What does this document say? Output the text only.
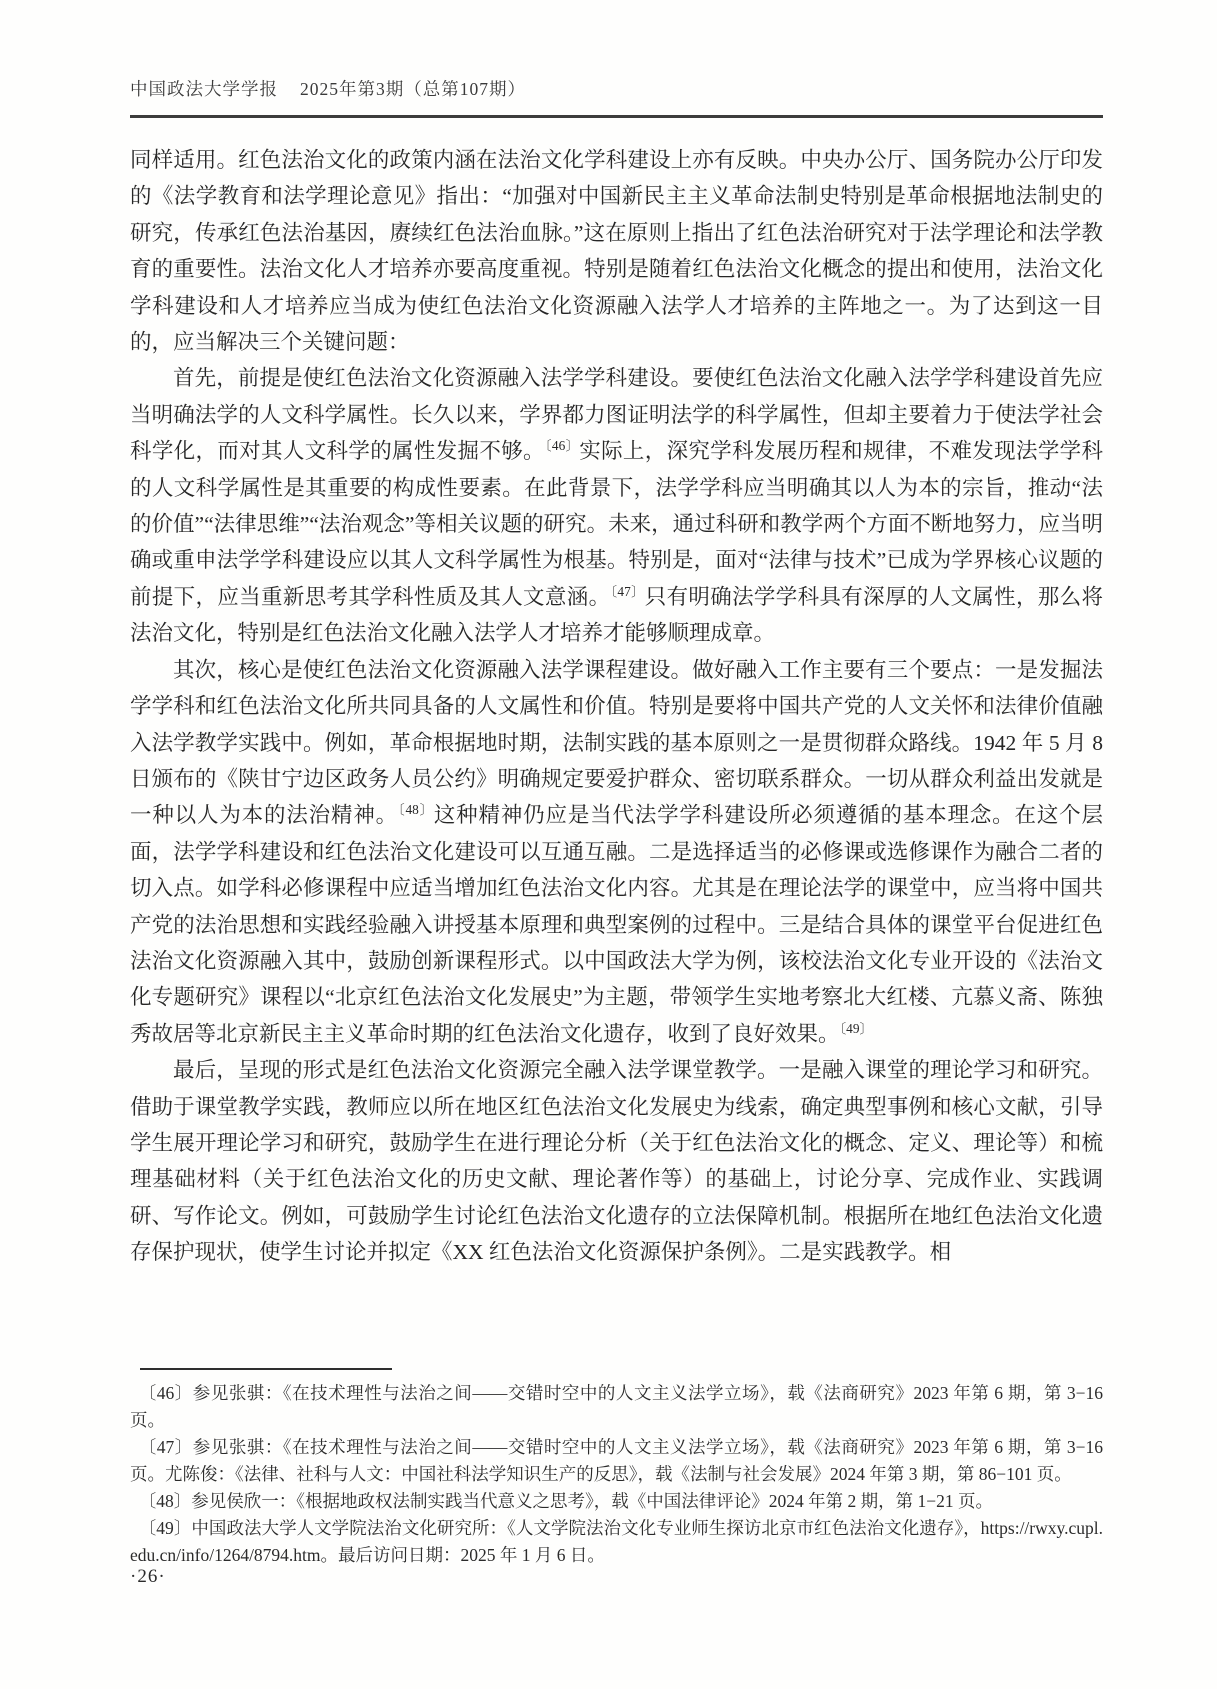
中国政法大学学报 2025年第3期（总第107期）

同样适用。红色法治文化的政策内涵在法治文化学科建设上亦有反映。中央办公厅、国务院办公厅印发的《法学教育和法学理论意见》指出：“加强对中国新民主主义革命法制史特别是革命根据地法制史的研究，传承红色法治基因，赓续红色法治血脉。”这在原则上指出了红色法治研究对于法学理论和法学教育的重要性。法治文化人才培养亦要高度重视。特别是随着红色法治文化概念的提出和使用，法治文化学科建设和人才培养应当成为使红色法治文化资源融入法学人才培养的主阵地之一。为了达到这一目的，应当解决三个关键问题：

首先，前提是使红色法治文化资源融入法学学科建设。要使红色法治文化融入法学学科建设首先应当明确法学的人文科学属性。长久以来，学界都力图证明法学的科学属性，但却主要着力于使法学社会科学化，而对其人文科学的属性发掘不够。$^{〔46〕}$实际上，深究学科发展历程和规律，不难发现法学学科的人文科学属性是其重要的构成性要素。在此背景下，法学学科应当明确其以人为本的宗旨，推动“法的价值”“法律思维”“法治观念”等相关议题的研究。未来，通过科研和教学两个方面不断地努力，应当明确或重申法学学科建设应以其人文科学属性为根基。特别是，面对“法律与技术”已成为学界核心议题的前提下，应当重新思考其学科性质及其人文意涵。$^{〔47〕}$只有明确法学学科具有深厚的人文属性，那么将法治文化，特别是红色法治文化融入法学人才培养才能够顺理成章。

其次，核心是使红色法治文化资源融入法学课程建设。做好融入工作主要有三个要点：一是发掘法学学科和红色法治文化所共同具备的人文属性和价值。特别是要将中国共产党的人文关怀和法律价值融入法学教学实践中。例如，革命根据地时期，法制实践的基本原则之一是贯彻群众路线。1942 年 5 月 8 日颁布的《陕甘宁边区政务人员公约》明确规定要爱护群众、密切联系群众。一切从群众利益出发就是一种以人为本的法治精神。$^{〔48〕}$这种精神仍应是当代法学学科建设所必须遵循的基本理念。在这个层面，法学学科建设和红色法治文化建设可以互通互融。二是选择适当的必修课或选修课作为融合二者的切入点。如学科必修课程中应适当增加红色法治文化内容。尤其是在理论法学的课堂中，应当将中国共产党的法治思想和实践经验融入讲授基本原理和典型案例的过程中。三是结合具体的课堂平台促进红色法治文化资源融入其中，鼓励创新课程形式。以中国政法大学为例，该校法治文化专业开设的《法治文化专题研究》课程以“北京红色法治文化发展史”为主题，带领学生实地考察北大红楼、亢慕义斋、陈独秀故居等北京新民主主义革命时期的红色法治文化遗存，收到了良好效果。$^{〔49〕}$

最后，呈现的形式是红色法治文化资源完全融入法学课堂教学。一是融入课堂的理论学习和研究。借助于课堂教学实践，教师应以所在地区红色法治文化发展史为线索，确定典型事例和核心文献，引导学生展开理论学习和研究，鼓励学生在进行理论分析（关于红色法治文化的概念、定义、理论等）和梳理基础材料（关于红色法治文化的历史文献、理论著作等）的基础上，讨论分享、完成作业、实践调研、写作论文。例如，可鼓励学生讨论红色法治文化遗存的立法保障机制。根据所在地红色法治文化遗存保护现状，使学生讨论并拟定《XX 红色法治文化资源保护条例》。二是实践教学。相

〔46〕参见张骐：《在技术理性与法治之间——交错时空中的人文主义法学立场》，载《法商研究》2023 年第 6 期，第 3−16 页。

〔47〕参见张骐：《在技术理性与法治之间——交错时空中的人文主义法学立场》，载《法商研究》2023 年第 6 期，第 3−16 页。尤陈俊：《法律、社科与人文：中国社科法学知识生产的反思》，载《法制与社会发展》2024 年第 3 期，第 86−101 页。

〔48〕参见侯欣一：《根据地政权法制实践当代意义之思考》，载《中国法律评论》2024 年第 2 期，第 1−21 页。

〔49〕中国政法大学人文学院法治文化研究所：《人文学院法治文化专业师生探访北京市红色法治文化遗存》，https://rwxy.cupl.edu.cn/info/1264/8794.htm。最后访问日期：2025 年 1 月 6 日。

·26·
